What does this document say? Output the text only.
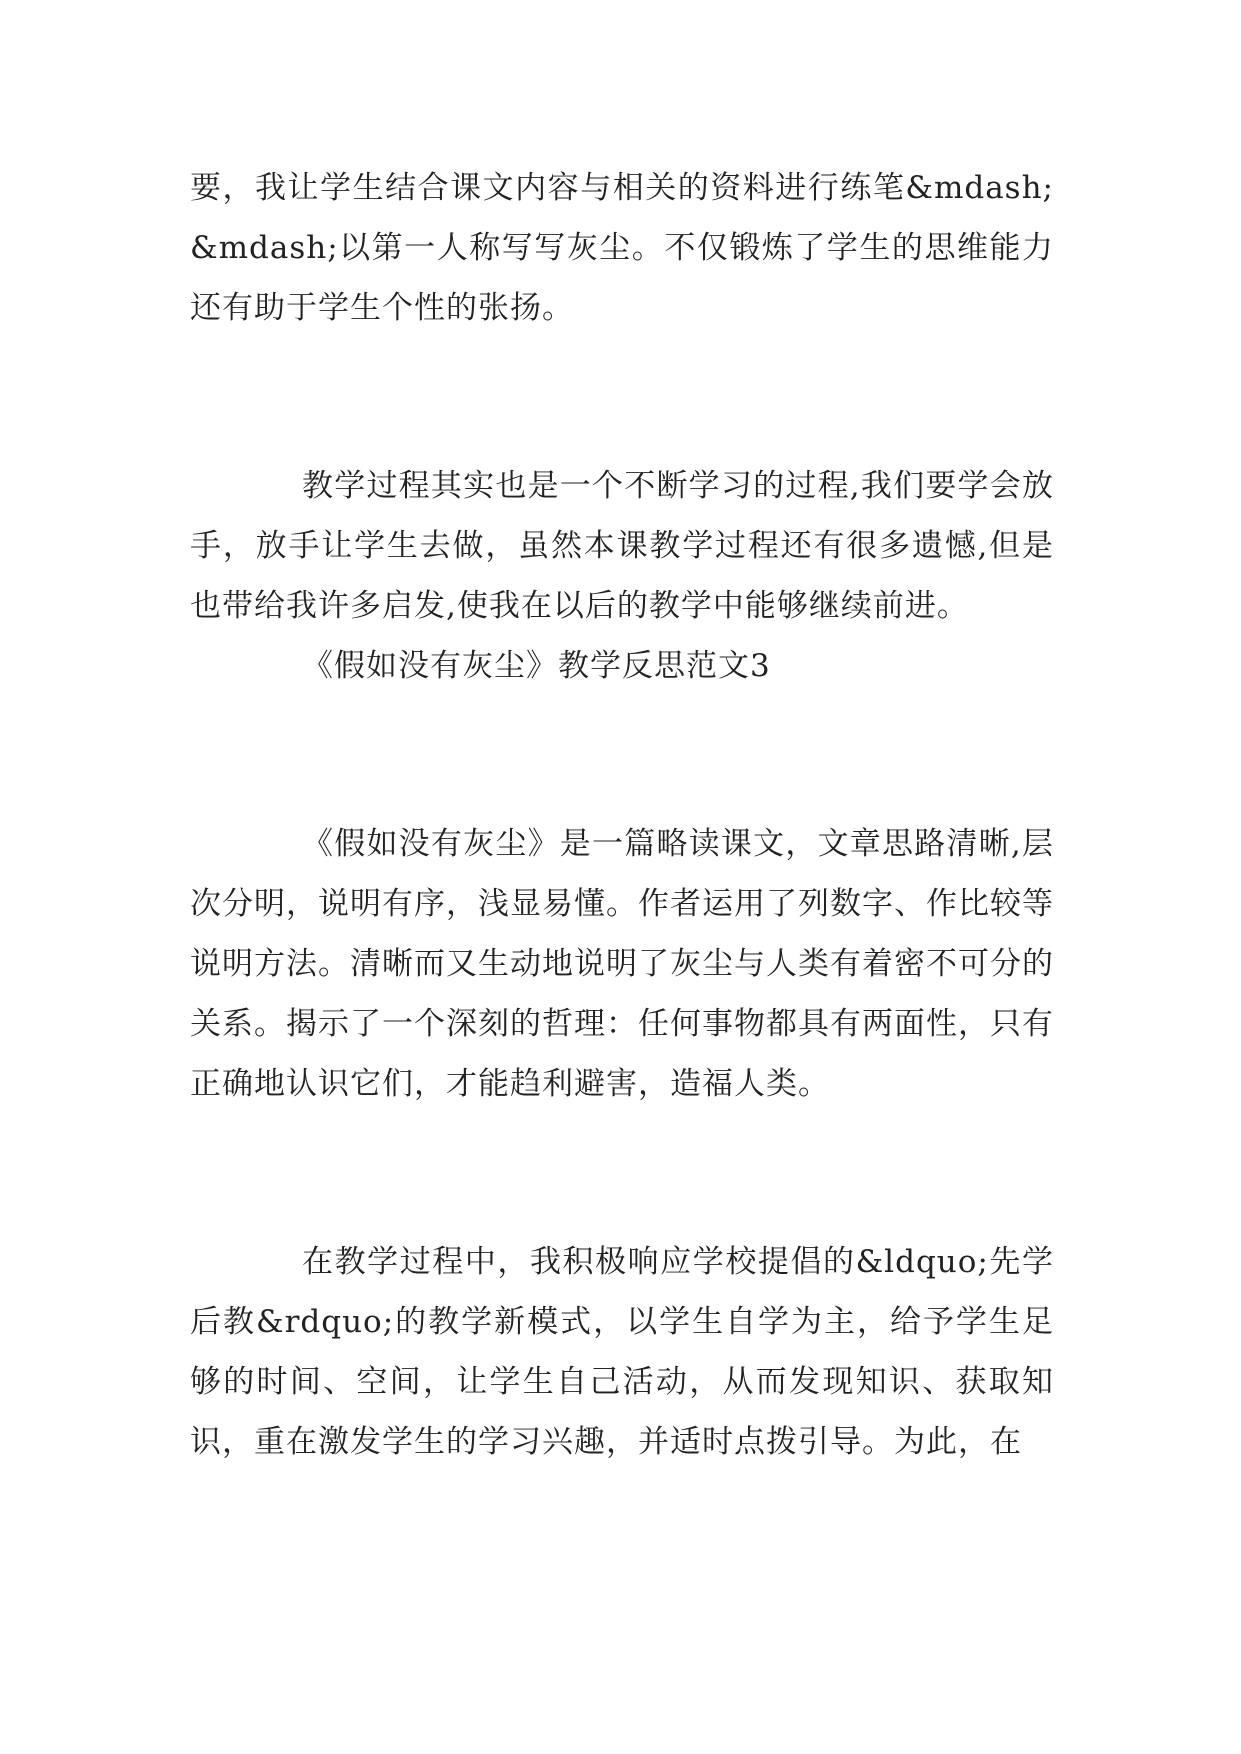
要，我让学生结合课文内容与相关的资料进行练笔&mdash;&mdash;以第一人称写写灰尘。不仅锻炼了学生的思维能力还有助于学生个性的张扬。

教学过程其实也是一个不断学习的过程,我们要学会放手，放手让学生去做，虽然本课教学过程还有很多遗憾,但是也带给我许多启发,使我在以后的教学中能够继续前进。

《假如没有灰尘》教学反思范文3

《假如没有灰尘》是一篇略读课文，文章思路清晰,层次分明，说明有序，浅显易懂。作者运用了列数字、作比较等说明方法。清晰而又生动地说明了灰尘与人类有着密不可分的关系。揭示了一个深刻的哲理：任何事物都具有两面性，只有正确地认识它们，才能趋利避害，造福人类。

在教学过程中，我积极响应学校提倡的&ldquo;先学后教&rdquo;的教学新模式，以学生自学为主，给予学生足够的时间、空间，让学生自己活动，从而发现知识、获取知识，重在激发学生的学习兴趣，并适时点拨引导。为此，在
